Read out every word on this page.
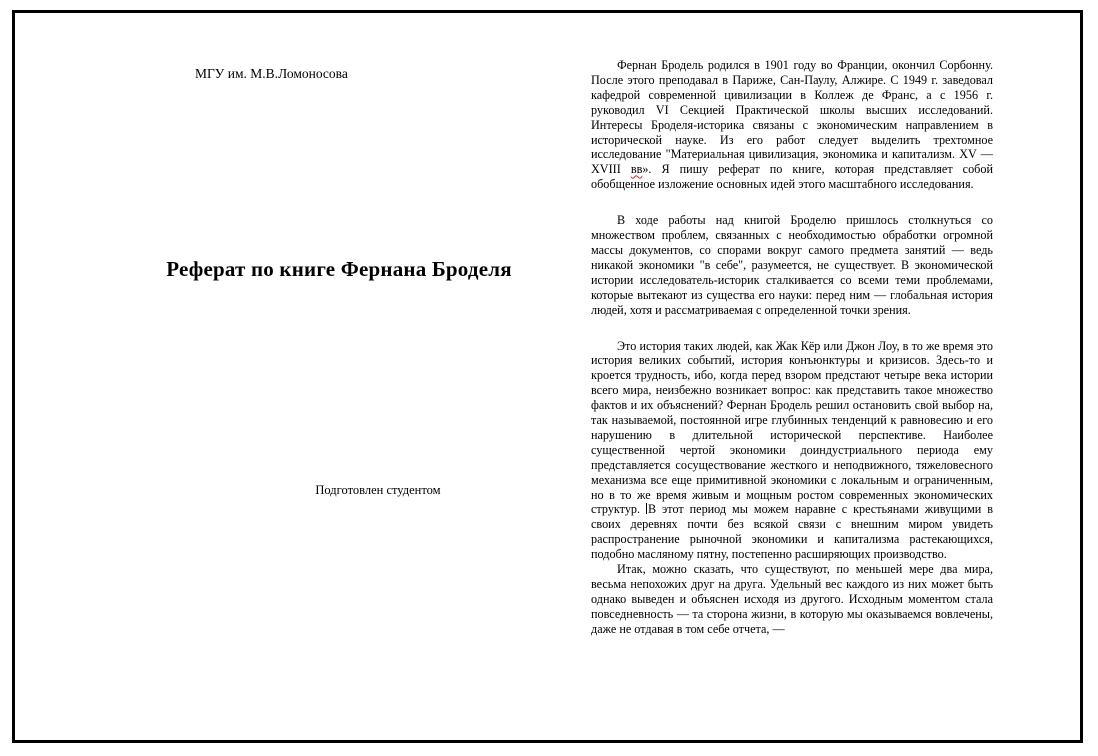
МГУ им. М.В.Ломоносова
Реферат по книге Фернана Броделя
Подготовлен студентом

Фернан Бродель родился в 1901 году во Франции, окончил Сорбонну. После этого преподавал в Париже, Сан-Паулу, Алжире. С 1949 г. заведовал кафедрой современной цивилизации в Коллеж де Франс, а с 1956 г. руководил VI Секцией Практической школы высших исследований. Интересы Броделя-историка связаны с экономическим направлением в исторической науке. Из его работ следует выделить трехтомное исследование "Материальная цивилизация, экономика и капитализм. XV — XVIII вв». Я пишу реферат по книге, которая представляет собой обобщенное изложение основных идей этого масштабного исследования.

В ходе работы над книгой Броделю пришлось столкнуться со множеством проблем, связанных с необходимостью обработки огромной массы документов, со спорами вокруг самого предмета занятий — ведь никакой экономики "в себе", разумеется, не существует. В экономической истории исследователь-историк сталкивается со всеми теми проблемами, которые вытекают из существа его науки: перед ним — глобальная история людей, хотя и рассматриваемая с определенной точки зрения.

Это история таких людей, как Жак Кёр или Джон Лоу, в то же время это история великих событий, история конъюнктуры и кризисов. Здесь-то и кроется трудность, ибо, когда перед взором предстают четыре века истории всего мира, неизбежно возникает вопрос: как представить такое множество фактов и их объяснений? Фернан Бродель решил остановить свой выбор на, так называемой, постоянной игре глубинных тенденций к равновесию и его нарушению в длительной исторической перспективе. Наиболее существенной чертой экономики доиндустриального периода ему представляется сосуществование жесткого и неподвижного, тяжеловесного механизма все еще примитивной экономики с локальным и ограниченным, но в то же время живым и мощным ростом современных экономических структур. В этот период мы можем наравне с крестьянами живущими в своих деревнях почти без всякой связи с внешним миром увидеть распространение рыночной экономики и капитализма растекающихся, подобно масляному пятну, постепенно расширяющих производство.

Итак, можно сказать, что существуют, по меньшей мере два мира, весьма непохожих друг на друга. Удельный вес каждого из них может быть однако выведен и объяснен исходя из другого. Исходным моментом стала повседневность — та сторона жизни, в которую мы оказываемся вовлечены, даже не отдавая в том себе отчета, —
